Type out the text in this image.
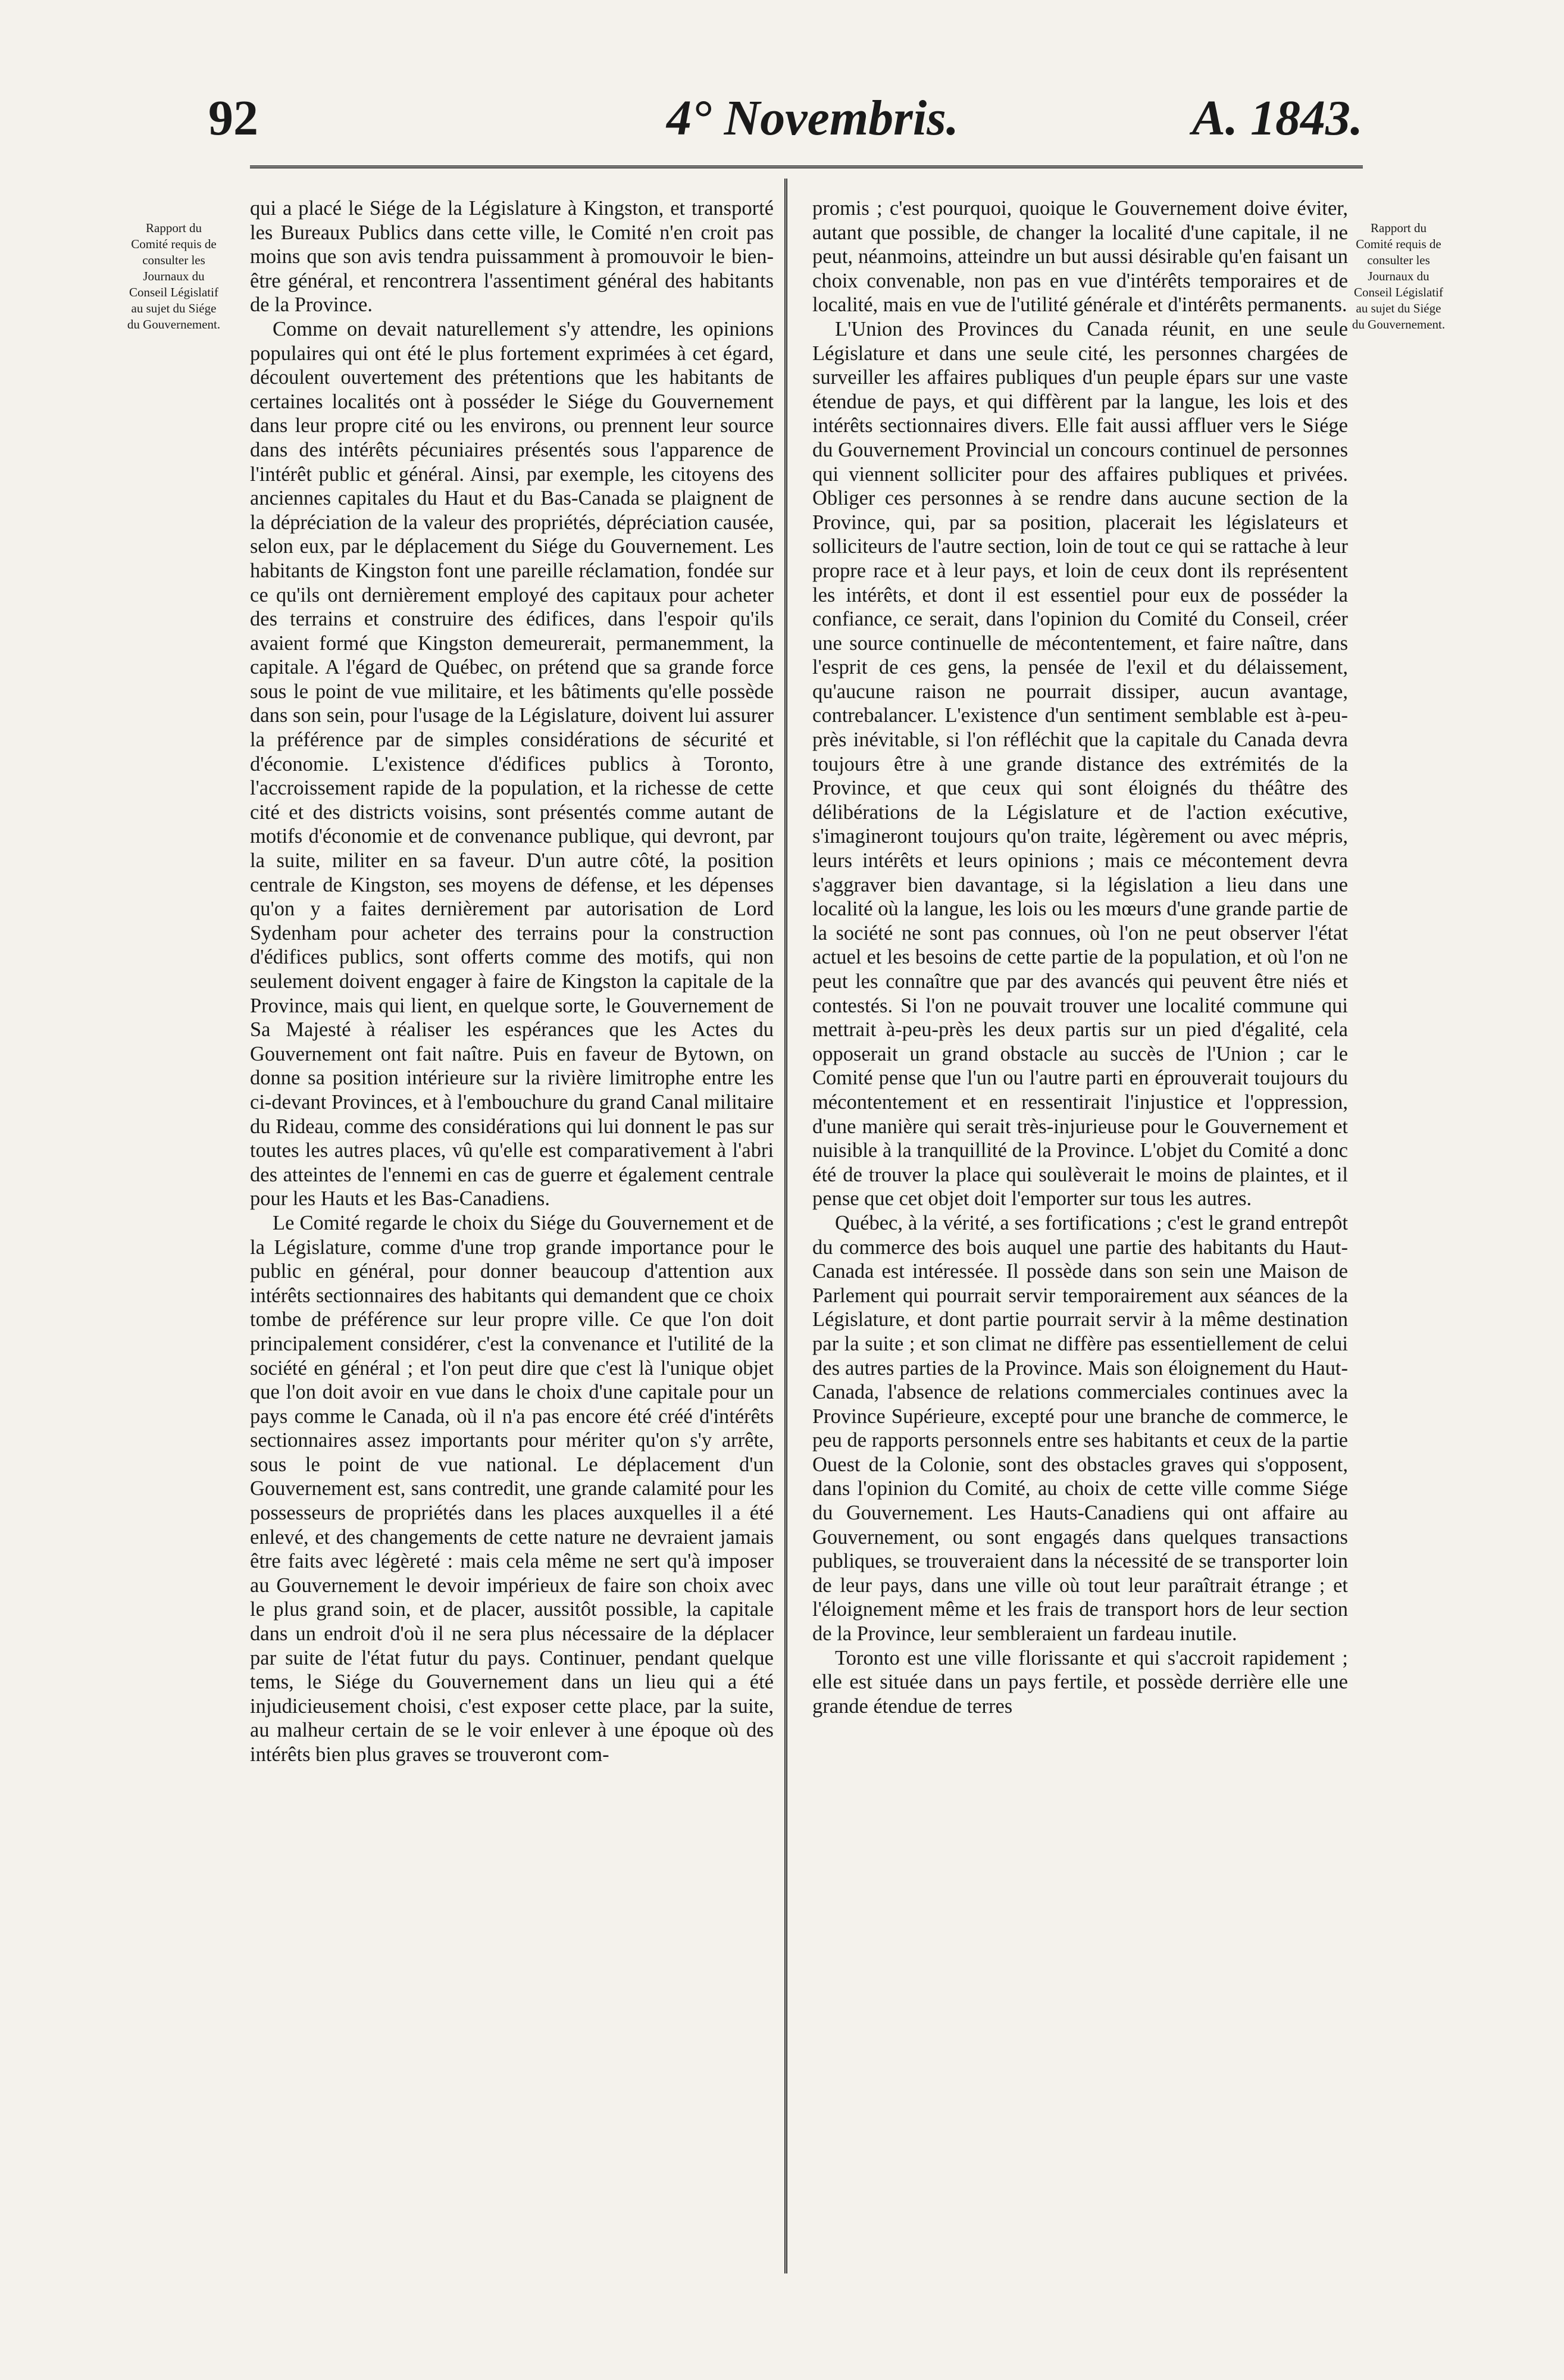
92	4° Novembris.	A. 1843.
Rapport du Comité requis de consulter les Journaux du Conseil Législatif au sujet du Siége du Gouvernement.
Rapport du Comité requis de consulter les Journaux du Conseil Législatif au sujet du Siége du Gouvernement.

qui a placé le Siége de la Législature à Kingston, et transporté les Bureaux Publics dans cette ville, le Comité n'en croit pas moins que son avis tendra puissamment à promouvoir le bien-être général, et rencontrera l'assentiment général des habitants de la Province.

Comme on devait naturellement s'y attendre, les opinions populaires qui ont été le plus fortement exprimées à cet égard, découlent ouvertement des prétentions que les habitants de certaines localités ont à posséder le Siége du Gouvernement dans leur propre cité ou les environs, ou prennent leur source dans des intérêts pécuniaires présentés sous l'apparence de l'intérêt public et général. Ainsi, par exemple, les citoyens des anciennes capitales du Haut et du Bas-Canada se plaignent de la dépréciation de la valeur des propriétés, dépréciation causée, selon eux, par le déplacement du Siége du Gouvernement. Les habitants de Kingston font une pareille réclamation, fondée sur ce qu'ils ont dernièrement employé des capitaux pour acheter des terrains et construire des édifices, dans l'espoir qu'ils avaient formé que Kingston demeurerait, permanemment, la capitale. A l'égard de Québec, on prétend que sa grande force sous le point de vue militaire, et les bâtiments qu'elle possède dans son sein, pour l'usage de la Législature, doivent lui assurer la préférence par de simples considérations de sécurité et d'économie. L'existence d'édifices publics à Toronto, l'accroissement rapide de la population, et la richesse de cette cité et des districts voisins, sont présentés comme autant de motifs d'économie et de convenance publique, qui devront, par la suite, militer en sa faveur. D'un autre côté, la position centrale de Kingston, ses moyens de défense, et les dépenses qu'on y a faites dernièrement par autorisation de Lord Sydenham pour acheter des terrains pour la construction d'édifices publics, sont offerts comme des motifs, qui non seulement doivent engager à faire de Kingston la capitale de la Province, mais qui lient, en quelque sorte, le Gouvernement de Sa Majesté à réaliser les espérances que les Actes du Gouvernement ont fait naître. Puis en faveur de Bytown, on donne sa position intérieure sur la rivière limitrophe entre les ci-devant Provinces, et à l'embouchure du grand Canal militaire du Rideau, comme des considérations qui lui donnent le pas sur toutes les autres places, vû qu'elle est comparativement à l'abri des atteintes de l'ennemi en cas de guerre et également centrale pour les Hauts et les Bas-Canadiens.

Le Comité regarde le choix du Siége du Gouvernement et de la Législature, comme d'une trop grande importance pour le public en général, pour donner beaucoup d'attention aux intérêts sectionnaires des habitants qui demandent que ce choix tombe de préférence sur leur propre ville. Ce que l'on doit principalement considérer, c'est la convenance et l'utilité de la société en général ; et l'on peut dire que c'est là l'unique objet que l'on doit avoir en vue dans le choix d'une capitale pour un pays comme le Canada, où il n'a pas encore été créé d'intérêts sectionnaires assez importants pour mériter qu'on s'y arrête, sous le point de vue national. Le déplacement d'un Gouvernement est, sans contredit, une grande calamité pour les possesseurs de propriétés dans les places auxquelles il a été enlevé, et des changements de cette nature ne devraient jamais être faits avec légèreté : mais cela même ne sert qu'à imposer au Gouvernement le devoir impérieux de faire son choix avec le plus grand soin, et de placer, aussitôt possible, la capitale dans un endroit d'où il ne sera plus nécessaire de la déplacer par suite de l'état futur du pays. Continuer, pendant quelque tems, le Siége du Gouvernement dans un lieu qui a été injudicieusement choisi, c'est exposer cette place, par la suite, au malheur certain de se le voir enlever à une époque où des intérêts bien plus graves se trouveront com-

promis ; c'est pourquoi, quoique le Gouvernement doive éviter, autant que possible, de changer la localité d'une capitale, il ne peut, néanmoins, atteindre un but aussi désirable qu'en faisant un choix convenable, non pas en vue d'intérêts temporaires et de localité, mais en vue de l'utilité générale et d'intérêts permanents.

L'Union des Provinces du Canada réunit, en une seule Législature et dans une seule cité, les personnes chargées de surveiller les affaires publiques d'un peuple épars sur une vaste étendue de pays, et qui diffèrent par la langue, les lois et des intérêts sectionnaires divers. Elle fait aussi affluer vers le Siége du Gouvernement Provincial un concours continuel de personnes qui viennent solliciter pour des affaires publiques et privées. Obliger ces personnes à se rendre dans aucune section de la Province, qui, par sa position, placerait les législateurs et solliciteurs de l'autre section, loin de tout ce qui se rattache à leur propre race et à leur pays, et loin de ceux dont ils représentent les intérêts, et dont il est essentiel pour eux de posséder la confiance, ce serait, dans l'opinion du Comité du Conseil, créer une source continuelle de mécontentement, et faire naître, dans l'esprit de ces gens, la pensée de l'exil et du délaissement, qu'aucune raison ne pourrait dissiper, aucun avantage, contrebalancer. L'existence d'un sentiment semblable est à-peu-près inévitable, si l'on réfléchit que la capitale du Canada devra toujours être à une grande distance des extrémités de la Province, et que ceux qui sont éloignés du théâtre des délibérations de la Législature et de l'action exécutive, s'imagineront toujours qu'on traite, légèrement ou avec mépris, leurs intérêts et leurs opinions ; mais ce mécontement devra s'aggraver bien davantage, si la législation a lieu dans une localité où la langue, les lois ou les mœurs d'une grande partie de la société ne sont pas connues, où l'on ne peut observer l'état actuel et les besoins de cette partie de la population, et où l'on ne peut les connaître que par des avancés qui peuvent être niés et contestés. Si l'on ne pouvait trouver une localité commune qui mettrait à-peu-près les deux partis sur un pied d'égalité, cela opposerait un grand obstacle au succès de l'Union ; car le Comité pense que l'un ou l'autre parti en éprouverait toujours du mécontentement et en ressentirait l'injustice et l'oppression, d'une manière qui serait très-injurieuse pour le Gouvernement et nuisible à la tranquillité de la Province. L'objet du Comité a donc été de trouver la place qui soulèverait le moins de plaintes, et il pense que cet objet doit l'emporter sur tous les autres.

Québec, à la vérité, a ses fortifications ; c'est le grand entrepôt du commerce des bois auquel une partie des habitants du Haut-Canada est intéressée. Il possède dans son sein une Maison de Parlement qui pourrait servir temporairement aux séances de la Législature, et dont partie pourrait servir à la même destination par la suite ; et son climat ne diffère pas essentiellement de celui des autres parties de la Province. Mais son éloignement du Haut-Canada, l'absence de relations commerciales continues avec la Province Supérieure, excepté pour une branche de commerce, le peu de rapports personnels entre ses habitants et ceux de la partie Ouest de la Colonie, sont des obstacles graves qui s'opposent, dans l'opinion du Comité, au choix de cette ville comme Siége du Gouvernement. Les Hauts-Canadiens qui ont affaire au Gouvernement, ou sont engagés dans quelques transactions publiques, se trouveraient dans la nécessité de se transporter loin de leur pays, dans une ville où tout leur paraîtrait étrange ; et l'éloignement même et les frais de transport hors de leur section de la Province, leur sembleraient un fardeau inutile.

Toronto est une ville florissante et qui s'accroit rapidement ; elle est située dans un pays fertile, et possède derrière elle une grande étendue de terres
